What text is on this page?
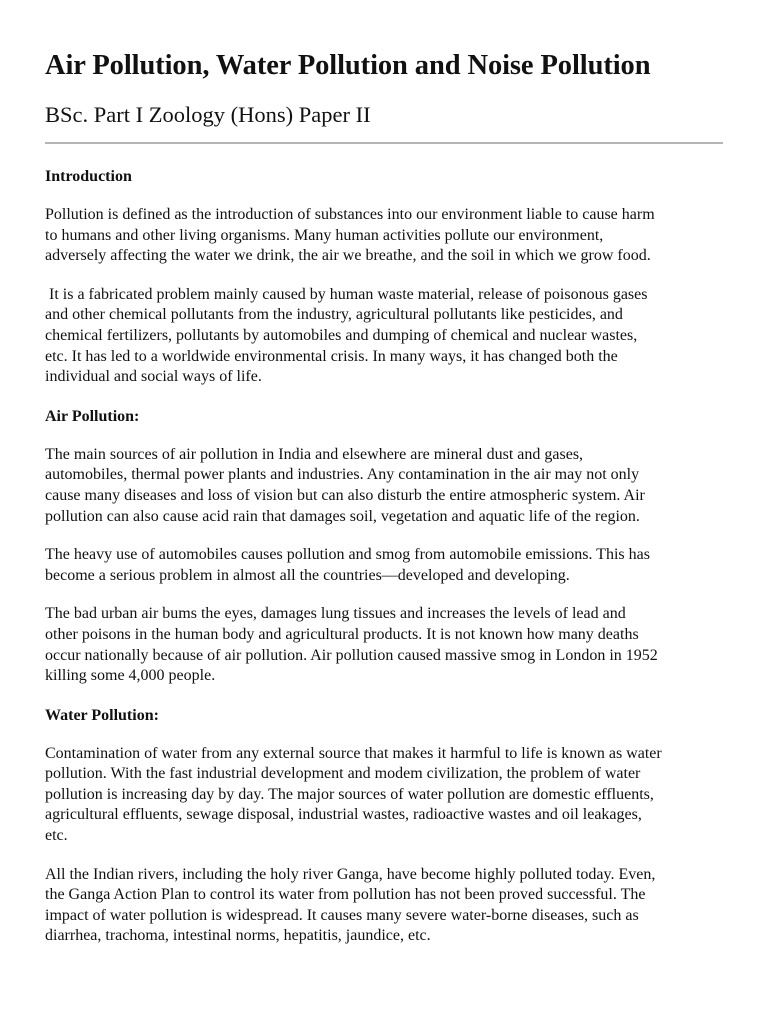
Air Pollution, Water Pollution and Noise Pollution
BSc. Part I Zoology (Hons) Paper II
Introduction

Pollution is defined as the introduction of substances into our environment liable to cause harm
to humans and other living organisms. Many human activities pollute our environment,
adversely affecting the water we drink, the air we breathe, and the soil in which we grow food.

It is a fabricated problem mainly caused by human waste material, release of poisonous gases
and other chemical pollutants from the industry, agricultural pollutants like pesticides, and
chemical fertilizers, pollutants by automobiles and dumping of chemical and nuclear wastes,
etc. It has led to a worldwide environmental crisis. In many ways, it has changed both the
individual and social ways of life.

Air Pollution:

The main sources of air pollution in India and elsewhere are mineral dust and gases,
automobiles, thermal power plants and industries. Any contamination in the air may not only
cause many diseases and loss of vision but can also disturb the entire atmospheric system. Air
pollution can also cause acid rain that damages soil, vegetation and aquatic life of the region.

The heavy use of automobiles causes pollution and smog from automobile emissions. This has
become a serious problem in almost all the countries—developed and developing.

The bad urban air bums the eyes, damages lung tissues and increases the levels of lead and
other poisons in the human body and agricultural products. It is not known how many deaths
occur nationally because of air pollution. Air pollution caused massive smog in London in 1952
killing some 4,000 people.

Water Pollution:

Contamination of water from any external source that makes it harmful to life is known as water
pollution. With the fast industrial development and modem civilization, the problem of water
pollution is increasing day by day. The major sources of water pollution are domestic effluents,
agricultural effluents, sewage disposal, industrial wastes, radioactive wastes and oil leakages,
etc.

All the Indian rivers, including the holy river Ganga, have become highly polluted today. Even,
the Ganga Action Plan to control its water from pollution has not been proved successful. The
impact of water pollution is widespread. It causes many severe water-borne diseases, such as
diarrhea, trachoma, intestinal norms, hepatitis, jaundice, etc.
